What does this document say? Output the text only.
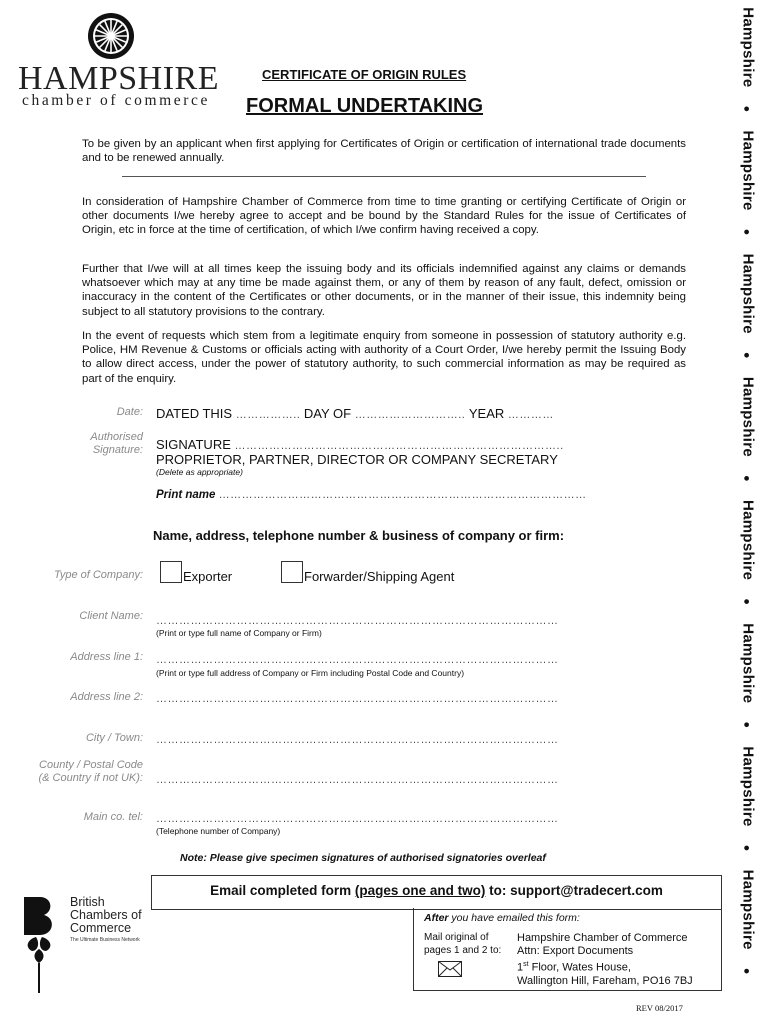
HAMPSHIRE
chamber of commerce
CERTIFICATE OF ORIGIN RULES
FORMAL UNDERTAKING
To be given by an applicant when first applying for Certificates of Origin or certification of international trade documents and to be renewed annually.
In consideration of Hampshire Chamber of Commerce from time to time granting or certifying Certificate of Origin or other documents I/we hereby agree to accept and be bound by the Standard Rules for the issue of Certificates of Origin, etc in force at the time of certification, of which I/we confirm having received a copy.
Further that I/we will at all times keep the issuing body and its officials indemnified against any claims or demands whatsoever which may at any time be made against them, or any of them by reason of any fault, defect, omission or inaccuracy in the content of the Certificates or other documents, or in the manner of their issue, this indemnity being subject to all statutory provisions to the contrary.
In the event of requests which stem from a legitimate enquiry from someone in possession of statutory authority e.g. Police, HM Revenue & Customs or officials acting with authority of a Court Order, I/we hereby permit the Issuing Body to allow direct access, under the power of statutory authority, to such commercial information as may be required as part of the enquiry.
Date: DATED THIS …………….. DAY OF ……………………….. YEAR …………
Authorised
Signature: SIGNATURE …………………………………………………………………………..
PROPRIETOR, PARTNER, DIRECTOR OR COMPANY SECRETARY
(Delete as appropriate)
Print name ……………………………………………………………………………………
Name, address, telephone number & business of company or firm:
Type of Company:	Exporter	Forwarder/Shipping Agent
Client Name: ……………………………………………………………………………………………
(Print or type full name of Company or Firm)
Address line 1: ……………………………………………………………………………………………
(Print or type full address of Company or Firm including Postal Code and Country)
Address line 2: ……………………………………………………………………………………………
City / Town: ……………………………………………………………………………………………
County / Postal Code
(& Country if not UK): ……………………………………………………………………………………………
Main co. tel: ……………………………………………………………………………………………
(Telephone number of Company)
Note: Please give specimen signatures of authorised signatories overleaf
Email completed form (pages one and two) to: support@tradecert.com
After you have emailed this form:
Mail original of
pages 1 and 2 to:
Hampshire Chamber of Commerce
Attn: Export Documents
1st Floor, Wates House,
Wallington Hill, Fareham, PO16 7BJ
British
Chambers of
Commerce
The Ultimate Business Network
REV 08/2017
Hampshire●Hampshire●Hampshire●Hampshire●Hampshire●Hampshire●Hampshire●Hampshire●
